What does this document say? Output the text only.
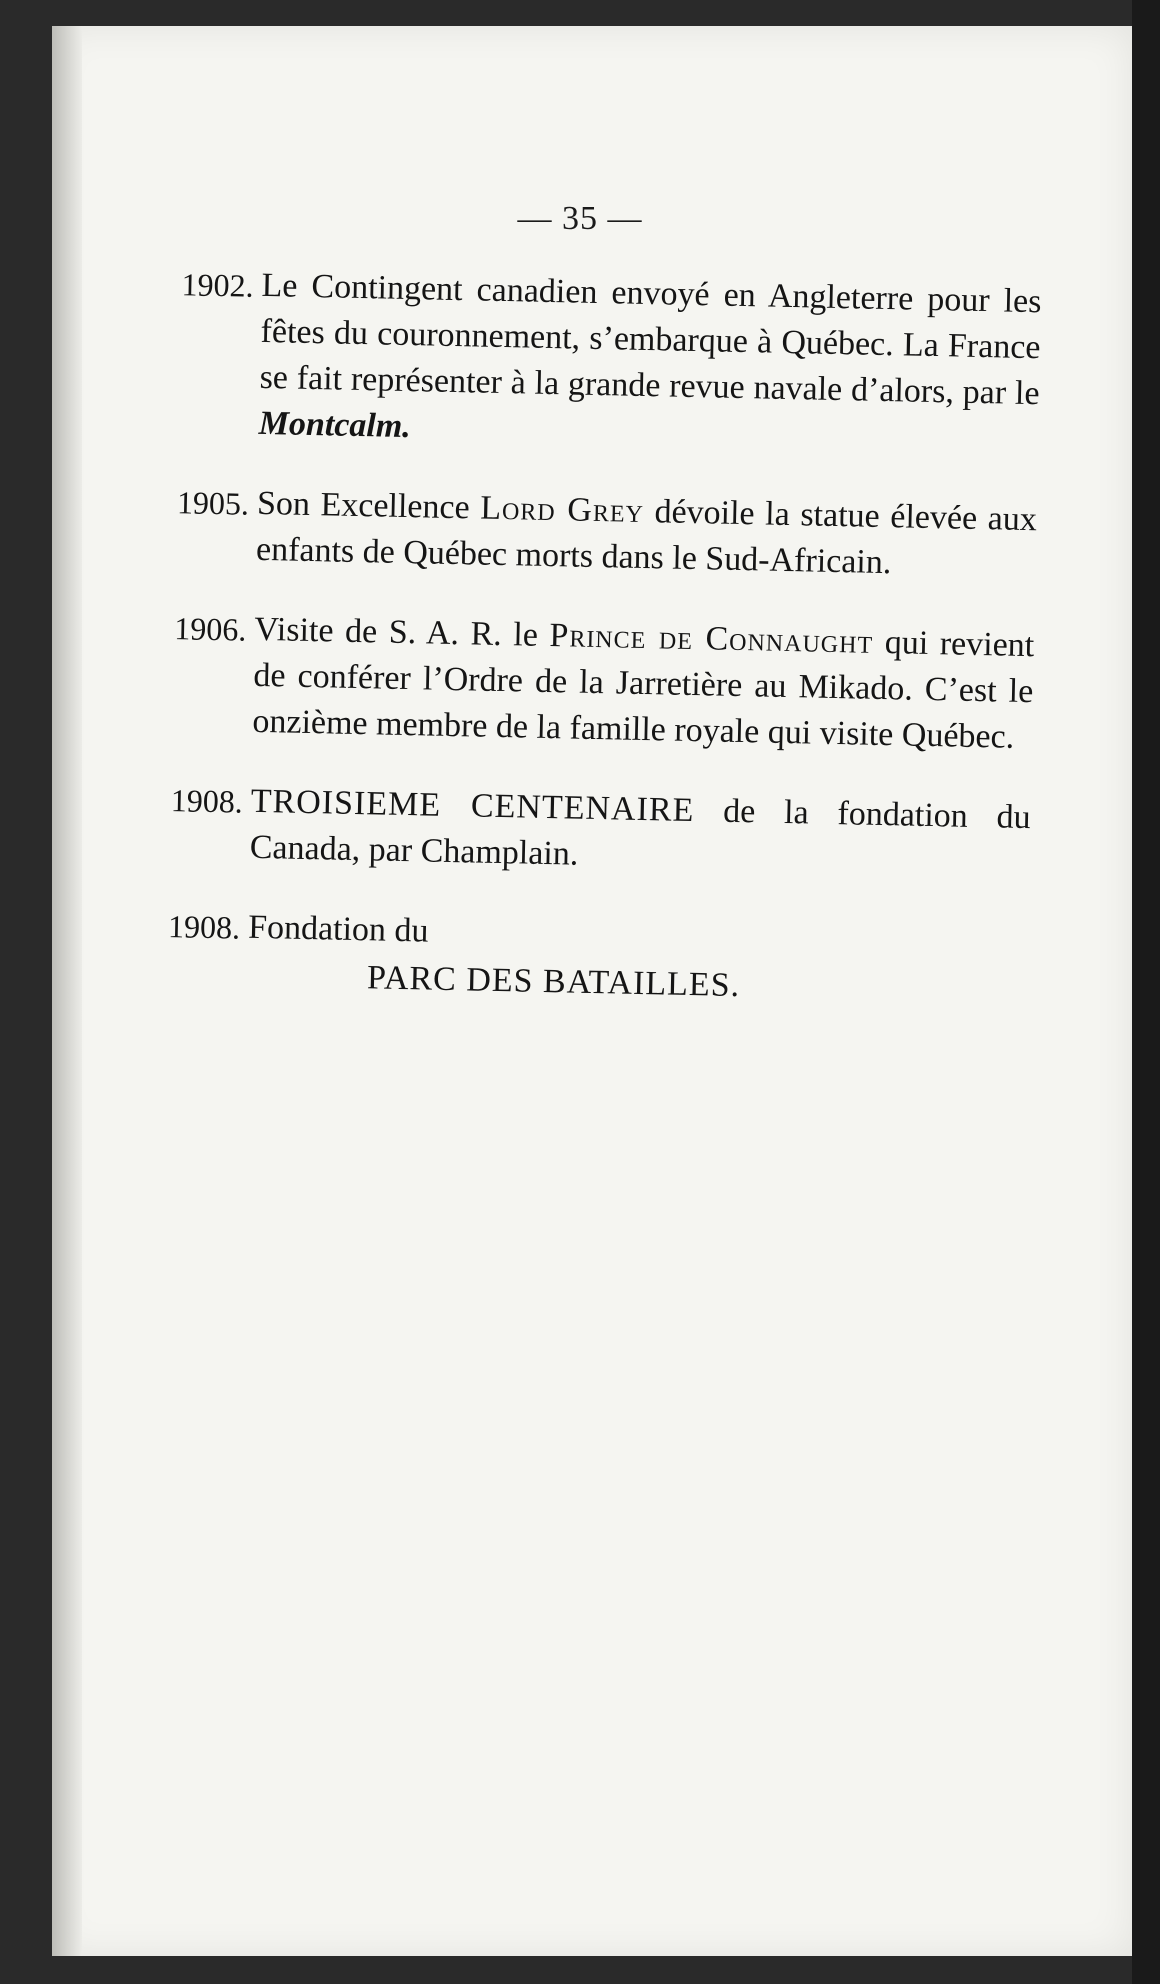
— 35 —
1902. Le Contingent canadien envoyé en Angleterre pour les fêtes du couronnement, s’embarque à Québec. La France se fait représenter à la grande revue navale d’alors, par le Montcalm.
1905. Son Excellence Lord Grey dévoile la statue élevée aux enfants de Québec morts dans le Sud-Africain.
1906. Visite de S. A. R. le Prince de Connaught qui revient de conférer l’Ordre de la Jarretière au Mikado. C’est le onzième membre de la famille royale qui visite Québec.
1908. TROISIEME CENTENAIRE de la fondation du Canada, par Champlain.
1908. Fondation du
PARC DES BATAILLES.
